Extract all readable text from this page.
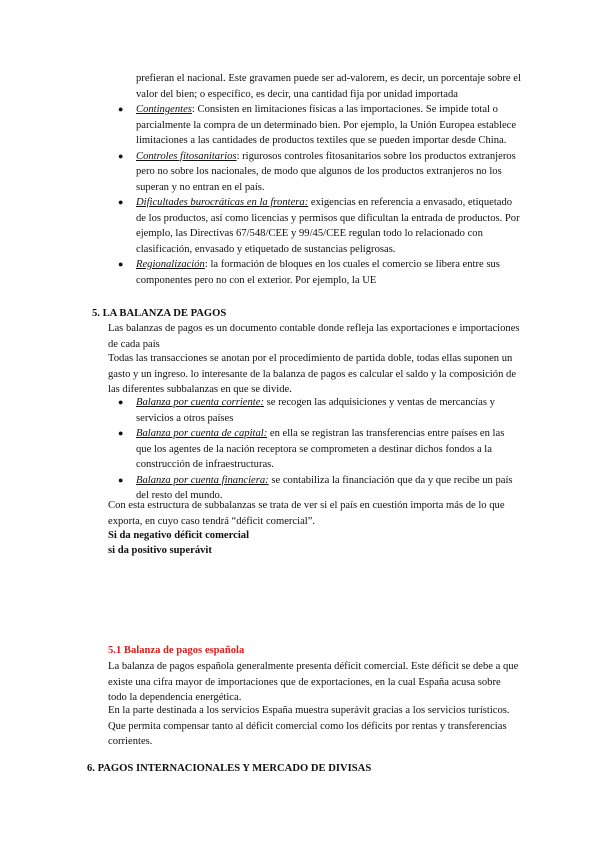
prefieran el nacional. Este gravamen puede ser ad-valorem, es decir, un porcentaje sobre el valor del bien; o específico, es decir, una cantidad fija por unidad importada

● Contingentes: Consisten en limitaciones físicas a las importaciones. Se impide total o parcialmente la compra de un determinado bien. Por ejemplo, la Unión Europea establece limitaciones a las cantidades de productos textiles que se pueden importar desde China.
● Controles fitosanitarios: rigurosos controles fitosanitarios sobre los productos extranjeros pero no sobre los nacionales, de modo que algunos de los productos extranjeros no los superan y no entran en el país.
● Dificultades burocráticas en la frontera: exigencias en referencia a envasado, etiquetado de los productos, así como licencias y permisos que dificultan la entrada de productos. Por ejemplo, las Directivas 67/548/CEE y 99/45/CEE regulan todo lo relacionado con clasificación, envasado y etiquetado de sustancias peligrosas.
● Regionalización: la formación de bloques en los cuales el comercio se libera entre sus componentes pero no con el exterior. Por ejemplo, la UE

5. LA BALANZA DE PAGOS

Las balanzas de pagos es un documento contable donde refleja las exportaciones e importaciones de cada país

Todas las transacciones se anotan por el procedimiento de partida doble, todas ellas suponen un gasto y un ingreso. lo interesante de la balanza de pagos es calcular el saldo y la composición de las diferentes subbalanzas en que se divide.

● Balanza por cuenta corriente: se recogen las adquisiciones y ventas de mercancías y servicios a otros países
● Balanza por cuenta de capital: en ella se registran las transferencias entre países en las que los agentes de la nación receptora se comprometen a destinar dichos fondos a la construcción de infraestructuras.
● Balanza por cuenta financiera: se contabiliza la financiación que da y que recibe un país del resto del mundo.

Con esta estructura de subbalanzas se trata de ver si el país en cuestión importa más de lo que exporta, en cuyo caso tendrá “déficit comercial”.

Si da negativo déficit comercial

si da positivo superávit

5.1 Balanza de pagos española

La balanza de pagos española generalmente presenta déficit comercial. Este déficit se debe a que existe una cifra mayor de importaciones que de exportaciones, en la cual España acusa sobre todo la dependencia energética.

En la parte destinada a los servicios España muestra superávit gracias a los servicios turísticos. Que permita compensar tanto al déficit comercial como los déficits por rentas y transferencias corrientes.

6. PAGOS INTERNACIONALES Y MERCADO DE DIVISAS
